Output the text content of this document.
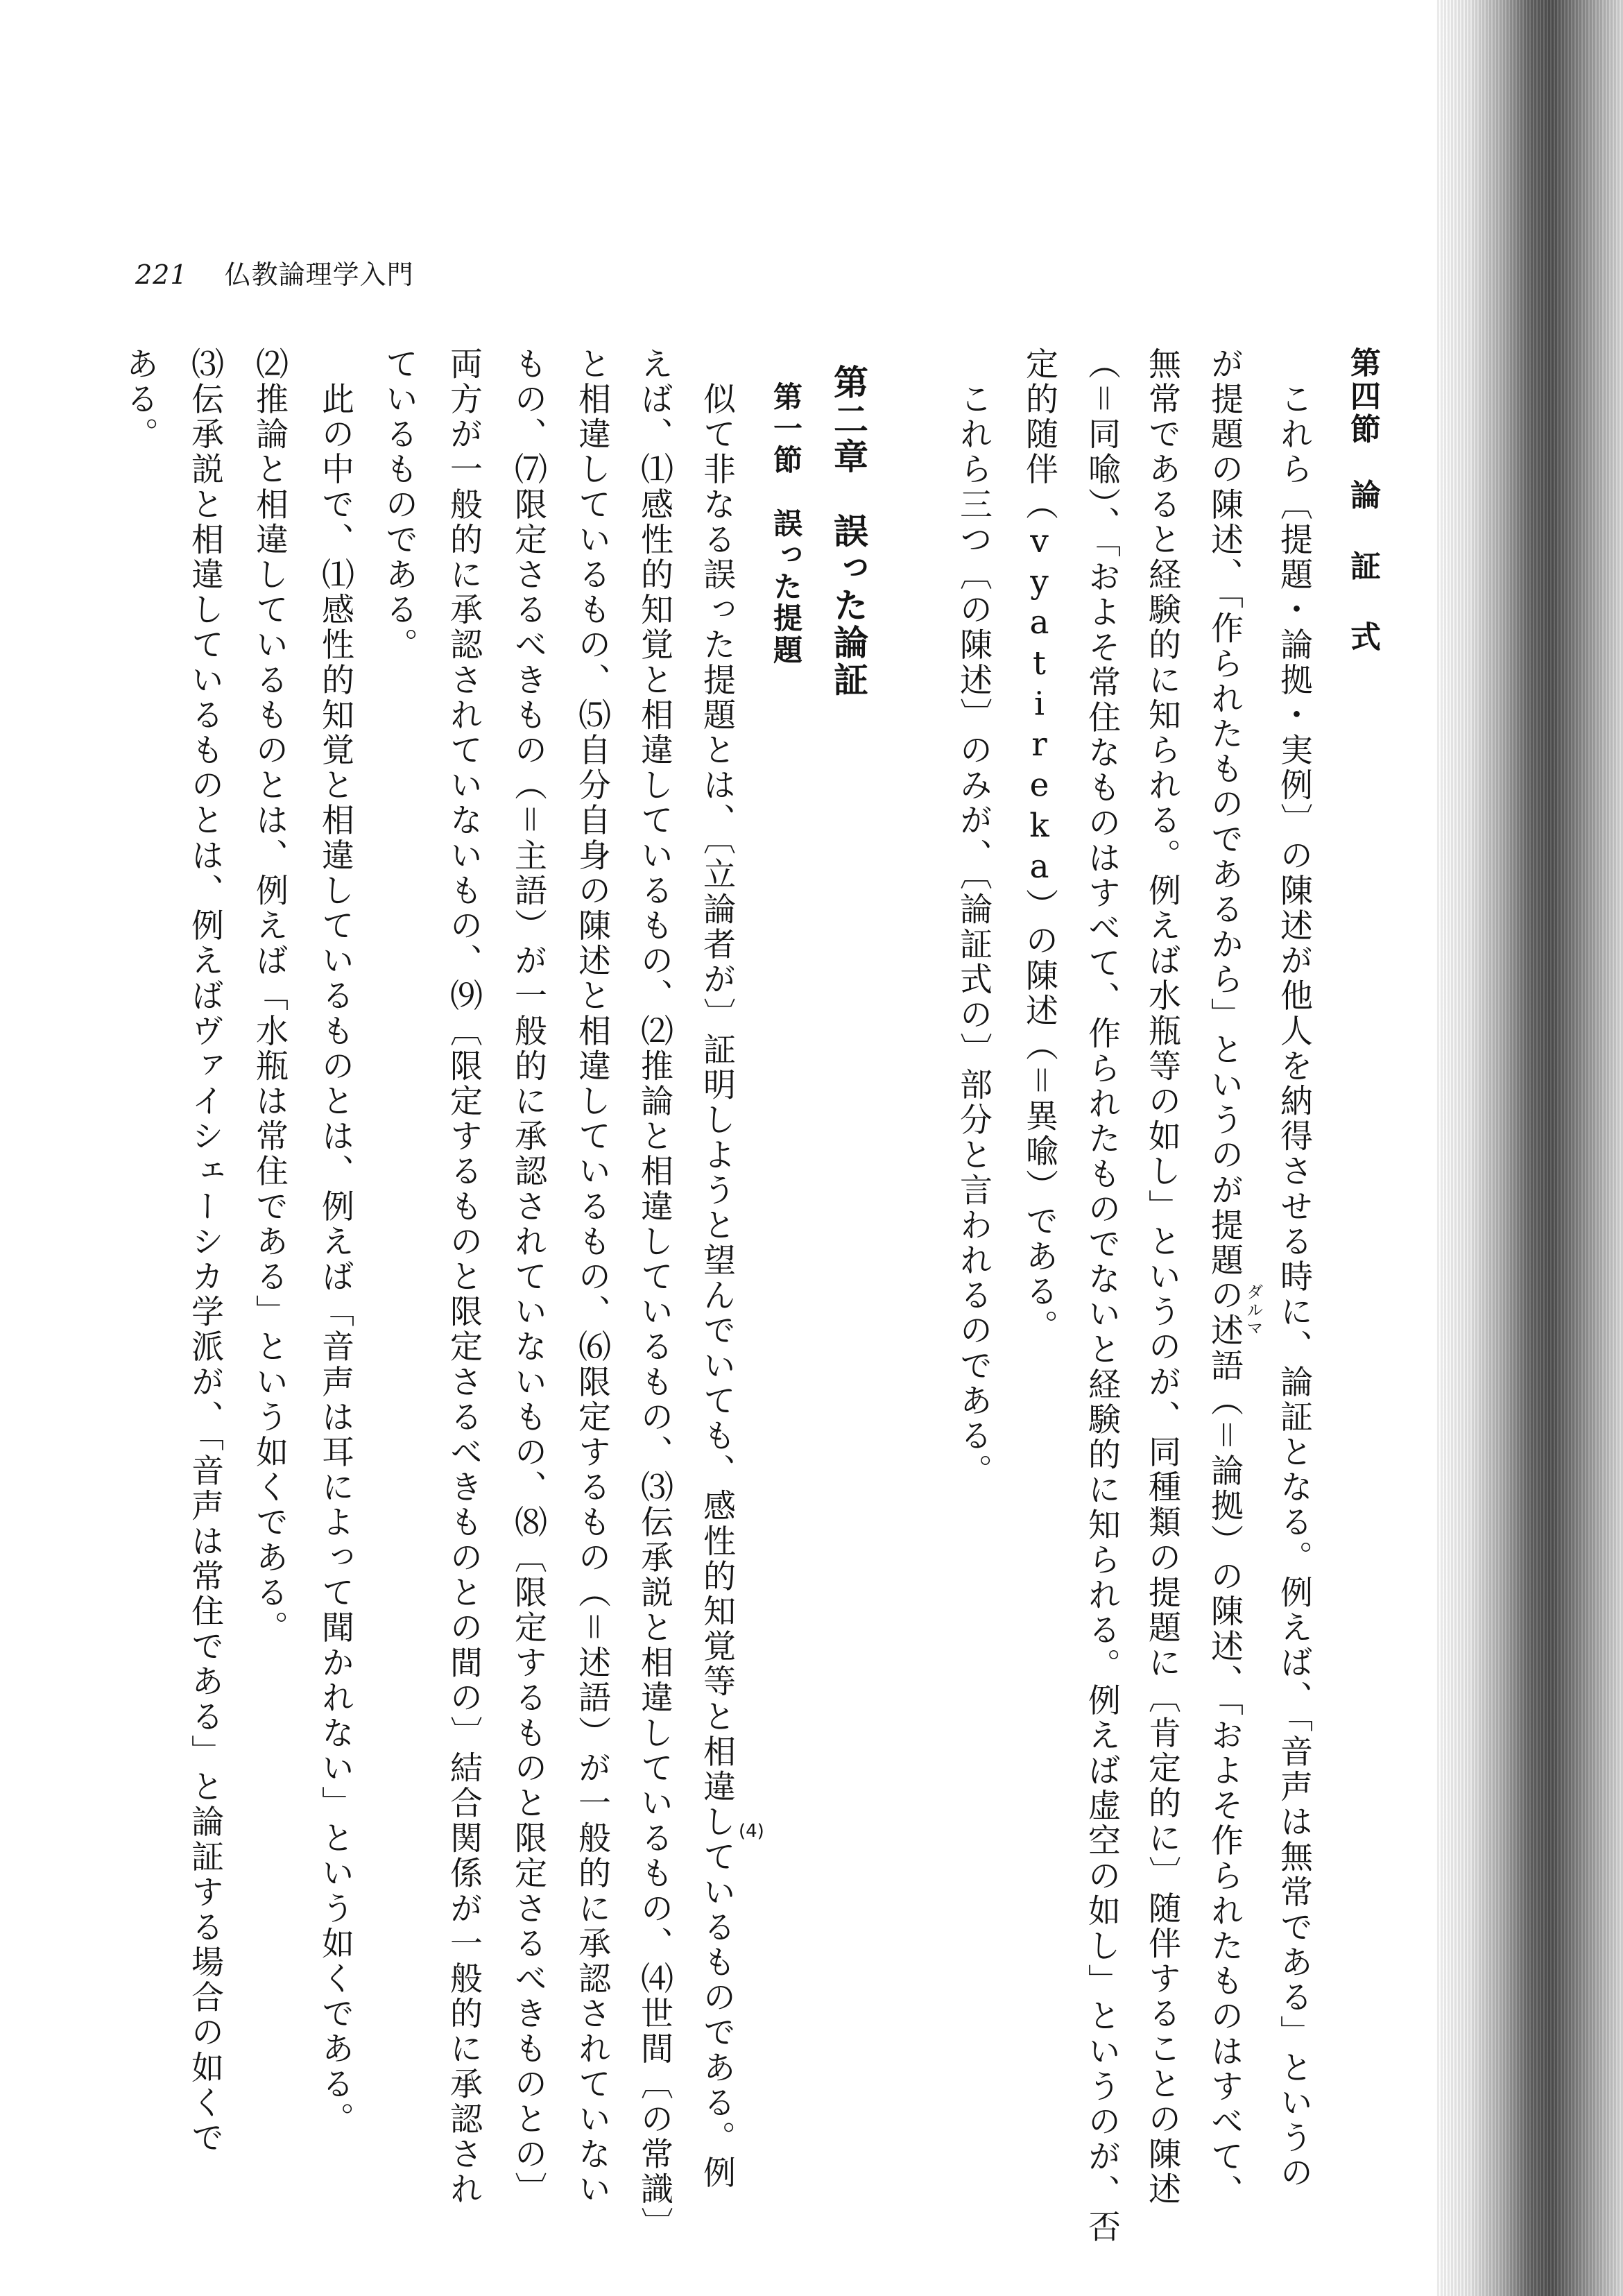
221 仏教論理学入門
第四節　論 証 式
　これら〔提題・論拠・実例〕の陳述が他人を納得させる時に、論証となる。例えば、「音声は無常である」というの
が提題の陳述、「作られたものであるから」というのが提題の述語（＝論拠）の陳述、「およそ作られたものはすべて、
無常であると経験的に知られる。例えば水瓶等の如し」というのが、同種類の提題に〔肯定的に〕随伴することの陳述
（＝同喩）、「およそ常住なものはすべて、作られたものでないと経験的に知られる。例えば虚空の如し」というのが、否
定的随伴（vyatireka）の陳述（＝異喩）である。
　これら三つ〔の陳述〕のみが、〔論証式の〕部分と言われるのである。
第二章　誤った論証
第一節　誤った提題
　似て非なる誤った提題とは、〔立論者が〕証明しようと望んでいても、感性的知覚等と相違しているものである。例
えば、⑴感性的知覚と相違しているもの、⑵推論と相違しているもの、⑶伝承説と相違しているもの、⑷世間〔の常識〕
と相違しているもの、⑸自分自身の陳述と相違しているもの、⑹限定するもの（＝述語）が一般的に承認されていない
もの、⑺限定さるべきもの（＝主語）が一般的に承認されていないもの、⑻〔限定するものと限定さるべきものとの〕
両方が一般的に承認されていないもの、⑼〔限定するものと限定さるべきものとの間の〕結合関係が一般的に承認され
ているものである。
　此の中で、⑴感性的知覚と相違しているものとは、例えば「音声は耳によって聞かれない」という如くである。
⑵推論と相違しているものとは、例えば「水瓶は常住である」という如くである。
⑶伝承説と相違しているものとは、例えばヴァイシェーシカ学派が、「音声は常住である」と論証する場合の如くで
ある。
ダルマ
(4)
